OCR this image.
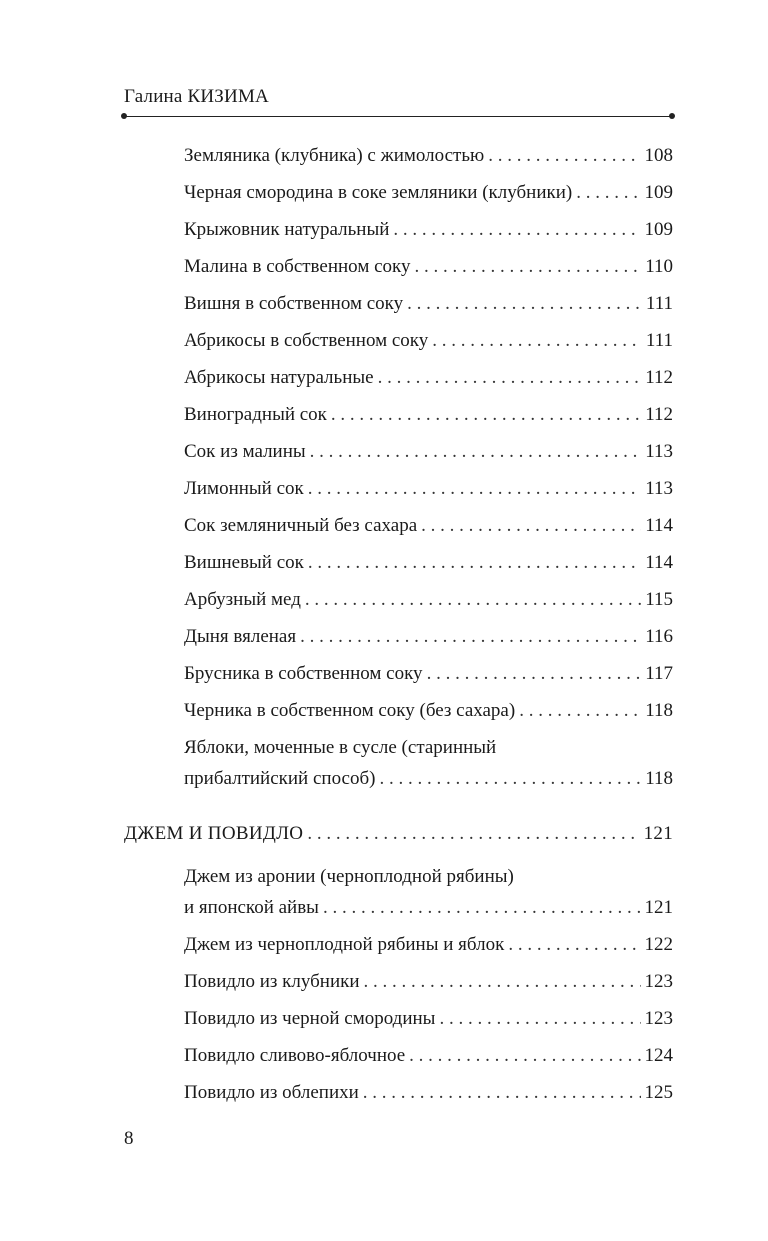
Галина КИЗИМА
Земляника (клубника) с жимолостью . . .	108
Черная смородина в соке земляники (клубники) . . .	109
Крыжовник натуральный . . .	109
Малина в собственном соку . . .	110
Вишня в собственном соку . . .	111
Абрикосы в собственном соку . . .	111
Абрикосы натуральные . . .	112
Виноградный сок . . .	112
Сок из малины . . .	113
Лимонный сок . . .	113
Сок земляничный без сахара . . .	114
Вишневый сок . . .	114
Арбузный мед . . .	115
Дыня вяленая . . .	116
Брусника в собственном соку . . .	117
Черника в собственном соку (без сахара) . . .	118
Яблоки, моченные в сусле (старинный
прибалтийский способ) . . .	118
ДЖЕМ И ПОВИДЛО . . .	121
Джем из аронии (черноплодной рябины)
и японской айвы . . .	121
Джем из черноплодной рябины и яблок . . .	122
Повидло из клубники . . .	123
Повидло из черной смородины . . .	123
Повидло сливово-яблочное . . .	124
Повидло из облепихи . . .	125
8
